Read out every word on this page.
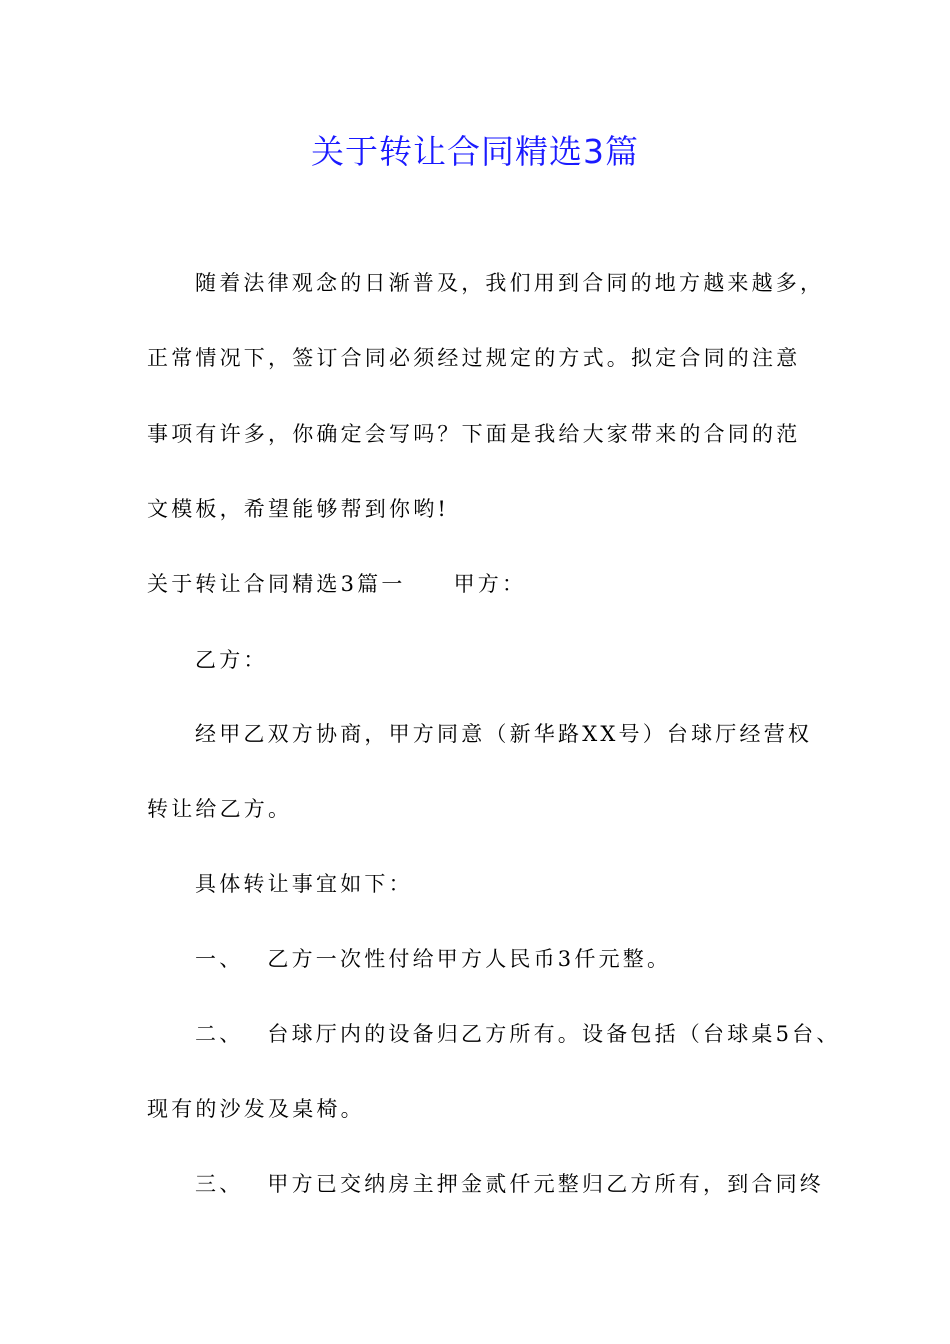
关于转让合同精选3篇
随着法律观念的日渐普及，我们用到合同的地方越来越多，
正常情况下，签订合同必须经过规定的方式。拟定合同的注意
事项有许多，你确定会写吗？下面是我给大家带来的合同的范
文模板，希望能够帮到你哟!
关于转让合同精选3篇一 甲方：
乙方：
经甲乙双方协商，甲方同意（新华路XX号）台球厅经营权
转让给乙方。
具体转让事宜如下：
一、 乙方一次性付给甲方人民币3仟元整。
二、 台球厅内的设备归乙方所有。设备包括（台球桌5台、
现有的沙发及桌椅。
三、 甲方已交纳房主押金贰仟元整归乙方所有，到合同终
